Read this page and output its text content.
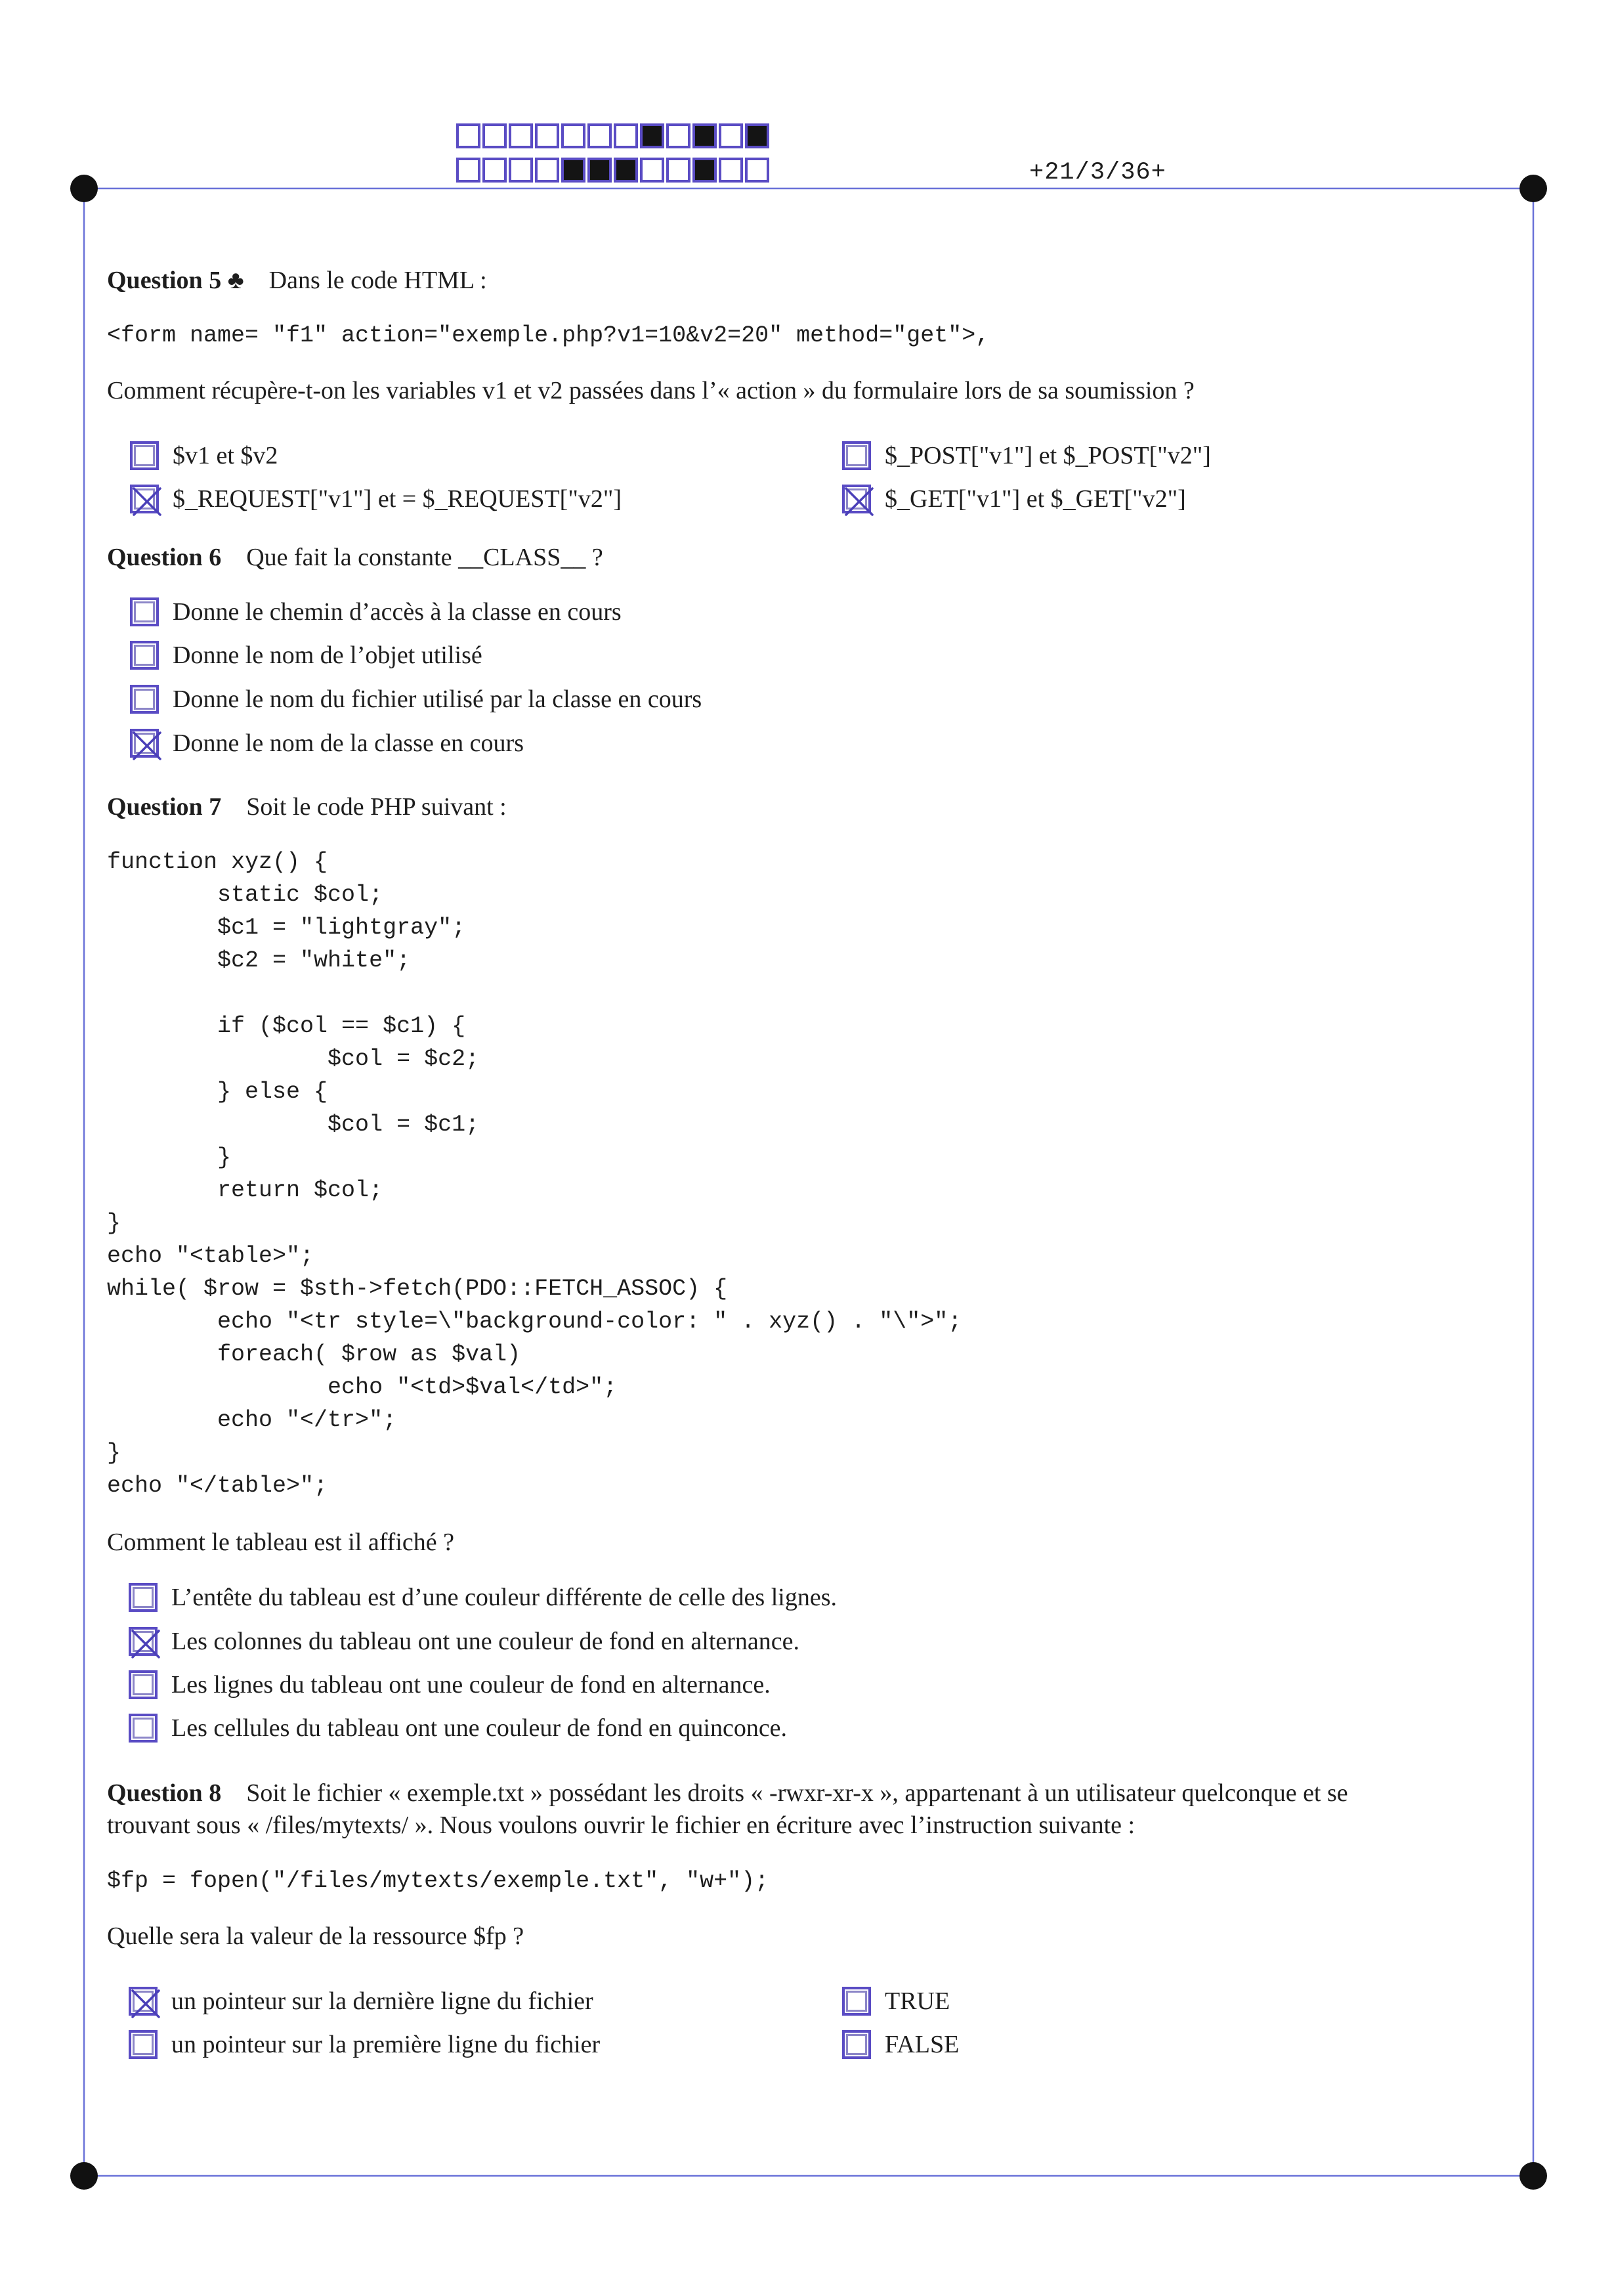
+21/3/36+
Question 5 ♣ Dans le code HTML :
<form name= "f1" action="exemple.php?v1=10&v2=20" method="get">,
Comment récupère-t-on les variables v1 et v2 passées dans l’« action » du formulaire lors de sa soumission ?
$v1 et $v2	$_POST["v1"] et $_POST["v2"]
$_REQUEST["v1"] et = $_REQUEST["v2"]	$_GET["v1"] et $_GET["v2"]
Question 6 Que fait la constante __CLASS__ ?
Donne le chemin d’accès à la classe en cours
Donne le nom de l’objet utilisé
Donne le nom du fichier utilisé par la classe en cours
Donne le nom de la classe en cours
Question 7 Soit le code PHP suivant :
function xyz() {
static $col;
$c1 = "lightgray";
$c2 = "white";

if ($col == $c1) {
$col = $c2;
} else {
$col = $c1;
}
return $col;
}
echo "<table>";
while( $row = $sth->fetch(PDO::FETCH_ASSOC) {
echo "<tr style=\"background-color: " . xyz() . "\">";
foreach( $row as $val)
echo "<td>$val</td>";
echo "</tr>";
}
echo "</table>";
Comment le tableau est il affiché ?
L’entête du tableau est d’une couleur différente de celle des lignes.
Les colonnes du tableau ont une couleur de fond en alternance.
Les lignes du tableau ont une couleur de fond en alternance.
Les cellules du tableau ont une couleur de fond en quinconce.
Question 8 Soit le fichier « exemple.txt » possédant les droits « -rwxr-xr-x », appartenant à un utilisateur quelconque et se
trouvant sous « /files/mytexts/ ». Nous voulons ouvrir le fichier en écriture avec l’instruction suivante :
$fp = fopen("/files/mytexts/exemple.txt", "w+");
Quelle sera la valeur de la ressource $fp ?
un pointeur sur la dernière ligne du fichier	TRUE
un pointeur sur la première ligne du fichier	FALSE
